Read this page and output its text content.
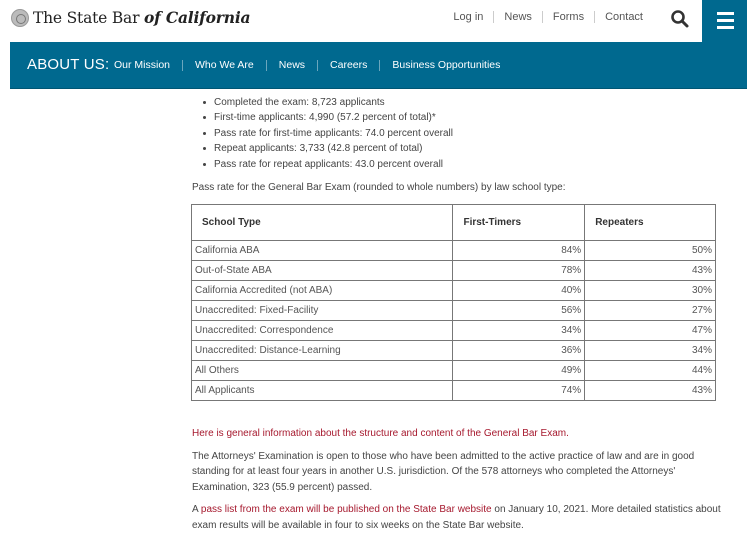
The State Bar of California	Log in	News	Forms	Contact
ABOUT US: Our Mission	Who We Are	News	Careers	Business Opportunities
Completed the exam: 8,723 applicants
First-time applicants: 4,990 (57.2 percent of total)*
Pass rate for first-time applicants: 74.0 percent overall
Repeat applicants: 3,733 (42.8 percent of total)
Pass rate for repeat applicants: 43.0 percent overall

Pass rate for the General Bar Exam (rounded to whole numbers) by law school type:

School Type	First-Timers	Repeaters
California ABA	84%	50%
Out-of-State ABA	78%	43%
California Accredited (not ABA)	40%	30%
Unaccredited: Fixed-Facility	56%	27%
Unaccredited: Correspondence	34%	47%
Unaccredited: Distance-Learning	36%	34%
All Others	49%	44%
All Applicants	74%	43%

Here is general information about the structure and content of the General Bar Exam.

The Attorneys' Examination is open to those who have been admitted to the active practice of law and are in good standing for at least four years in another U.S. jurisdiction. Of the 578 attorneys who completed the Attorneys' Examination, 323 (55.9 percent) passed.

A pass list from the exam will be published on the State Bar website on January 10, 2021. More detailed statistics about exam results will be available in four to six weeks on the State Bar website.
